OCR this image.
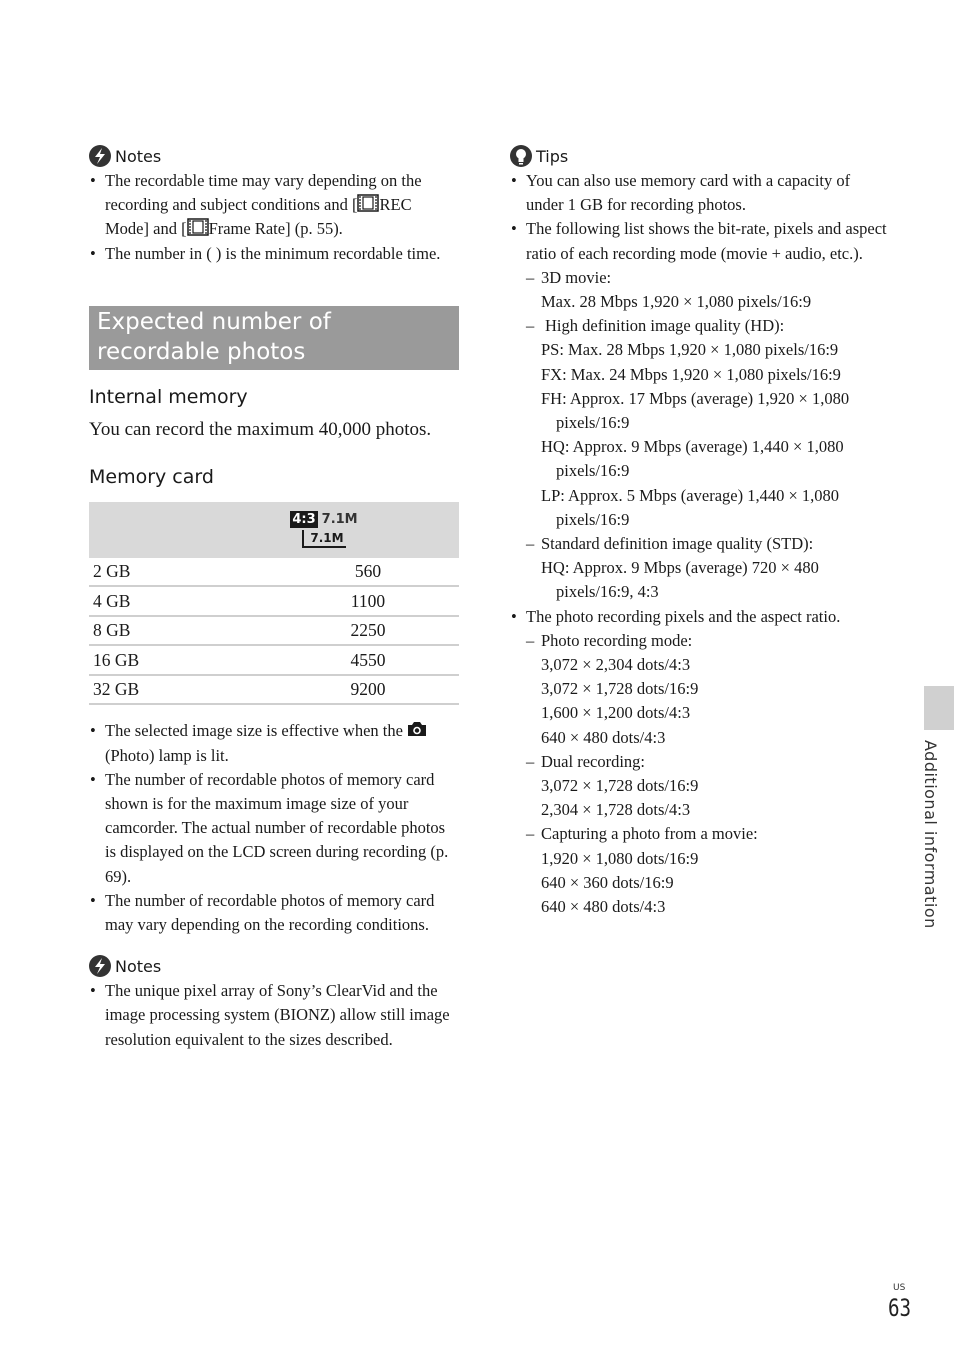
Notes
• The recordable time may vary depending on the recording and subject conditions and [ REC Mode] and [ Frame Rate] (p. 55).
• The number in ( ) is the minimum recordable time.
Expected number of recordable photos
Internal memory
You can record the maximum 40,000 photos.
Memory card
4:3 7.1M
7.1M	

2 GB	560
4 GB	1100
8 GB	2250
16 GB	4550
32 GB	9200
• The selected image size is effective when the  (Photo) lamp is lit.
• The number of recordable photos of memory card shown is for the maximum image size of your camcorder. The actual number of recordable photos is displayed on the LCD screen during recording (p. 69).
• The number of recordable photos of memory card may vary depending on the recording conditions.
Notes
• The unique pixel array of Sony’s ClearVid and the image processing system (BIONZ) allow still image resolution equivalent to the sizes described.
Tips
• You can also use memory card with a capacity of under 1 GB for recording photos.
• The following list shows the bit-rate, pixels and aspect ratio of each recording mode (movie + audio, etc.).
– 3D movie:
Max. 28 Mbps 1,920 × 1,080 pixels/16:9
– High definition image quality (HD):
PS: Max. 28 Mbps 1,920 × 1,080 pixels/16:9
FX: Max. 24 Mbps 1,920 × 1,080 pixels/16:9
FH: Approx. 17 Mbps (average) 1,920 × 1,080 pixels/16:9
HQ: Approx. 9 Mbps (average) 1,440 × 1,080 pixels/16:9
LP: Approx. 5 Mbps (average) 1,440 × 1,080 pixels/16:9
– Standard definition image quality (STD):
HQ: Approx. 9 Mbps (average) 720 × 480 pixels/16:9, 4:3
• The photo recording pixels and the aspect ratio.
– Photo recording mode:
3,072 × 2,304 dots/4:3
3,072 × 1,728 dots/16:9
1,600 × 1,200 dots/4:3
640 × 480 dots/4:3
– Dual recording:
3,072 × 1,728 dots/16:9
2,304 × 1,728 dots/4:3
– Capturing a photo from a movie:
1,920 × 1,080 dots/16:9
640 × 360 dots/16:9
640 × 480 dots/4:3	Additional information
US
63
